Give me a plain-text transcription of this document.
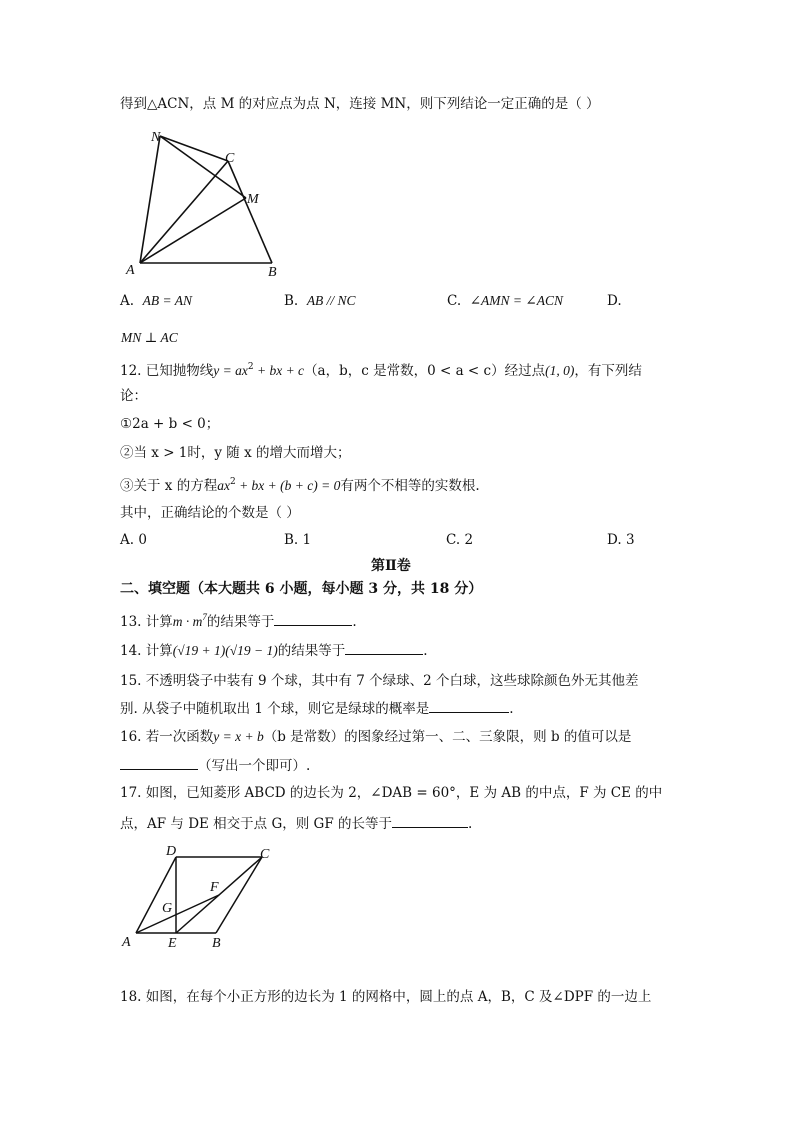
得到△ACN，点 M 的对应点为点 N，连接 MN，则下列结论一定正确的是（ ）
N
C
M
A	B
A. AB = AN	B. AB // NC	C. ∠AMN = ∠ACN	D.
MN ⊥ AC
12. 已知抛物线$y = ax^2$ + bx + c（a，b，c 是常数，0 < a < c）经过点(1, 0)，有下列结
论：
①2a + b < 0；
②当 x > 1时，y 随 x 的增大而增大；
③关于 x 的方程$ax^2$ + bx + (b + c) = 0有两个不相等的实数根.
其中，正确结论的个数是（ ）
A. 0	B. 1	C. 2	D. 3
第Ⅱ卷
二、填空题（本大题共 6 小题，每小题 3 分，共 18 分）
13. 计算$m \cdot m^7$的结果等于	.
14. 计算(√19 + 1)(√19 − 1)的结果等于	.
15. 不透明袋子中装有 9 个球，其中有 7 个绿球、2 个白球，这些球除颜色外无其他差
别. 从袋子中随机取出 1 个球，则它是绿球的概率是	.
16. 若一次函数y = x + b（b 是常数）的图象经过第一、二、三象限，则 b 的值可以是
（写出一个即可）.
17. 如图，已知菱形 ABCD 的边长为 2，∠DAB = 60°，E 为 AB 的中点，F 为 CE 的中
点，AF 与 DE 相交于点 G，则 GF 的长等于	.
D	C
F
G
A	E	B
18. 如图，在每个小正方形的边长为 1 的网格中，圆上的点 A，B，C 及∠DPF 的一边上
